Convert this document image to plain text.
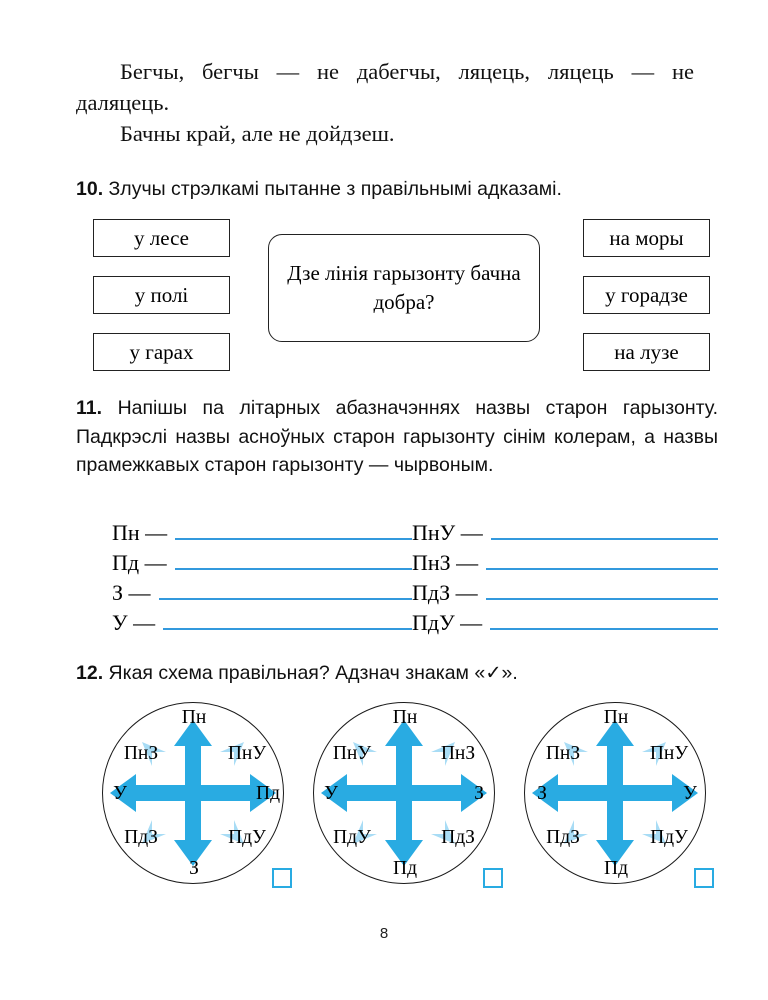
Бегчы, бегчы — не дабегчы, ляцець, ляцець — не даляцець.

Бачны край, але не дойдзеш.

10. Злучы стрэлкамі пытанне з правільнымі адказамі.
у лесе
у полі
у гарах
Дзе лінія гарызонту бачна добра?
на моры
у горадзе
на лузе
11. Напішы па літарных абазначэннях назвы старон гарызонту. Падкрэслі назвы асноўных старон гарызонту сінім колерам, а назвы прамежкавых старон гарызонту — чырвоным.
Пн —	ПнУ —
Пд —	ПнЗ —
З —	ПдЗ —
У —	ПдУ —
12. Якая схема правільная? Адзнач знакам «✓».
Пн
ПнЗ	ПнУ
У	Пд
ПдЗ	ПдУ
З
Пн
ПнУ	ПнЗ
У	З
ПдУ	ПдЗ
Пд
Пн
ПнЗ	ПнУ
З	У
ПдЗ	ПдУ
Пд
8
